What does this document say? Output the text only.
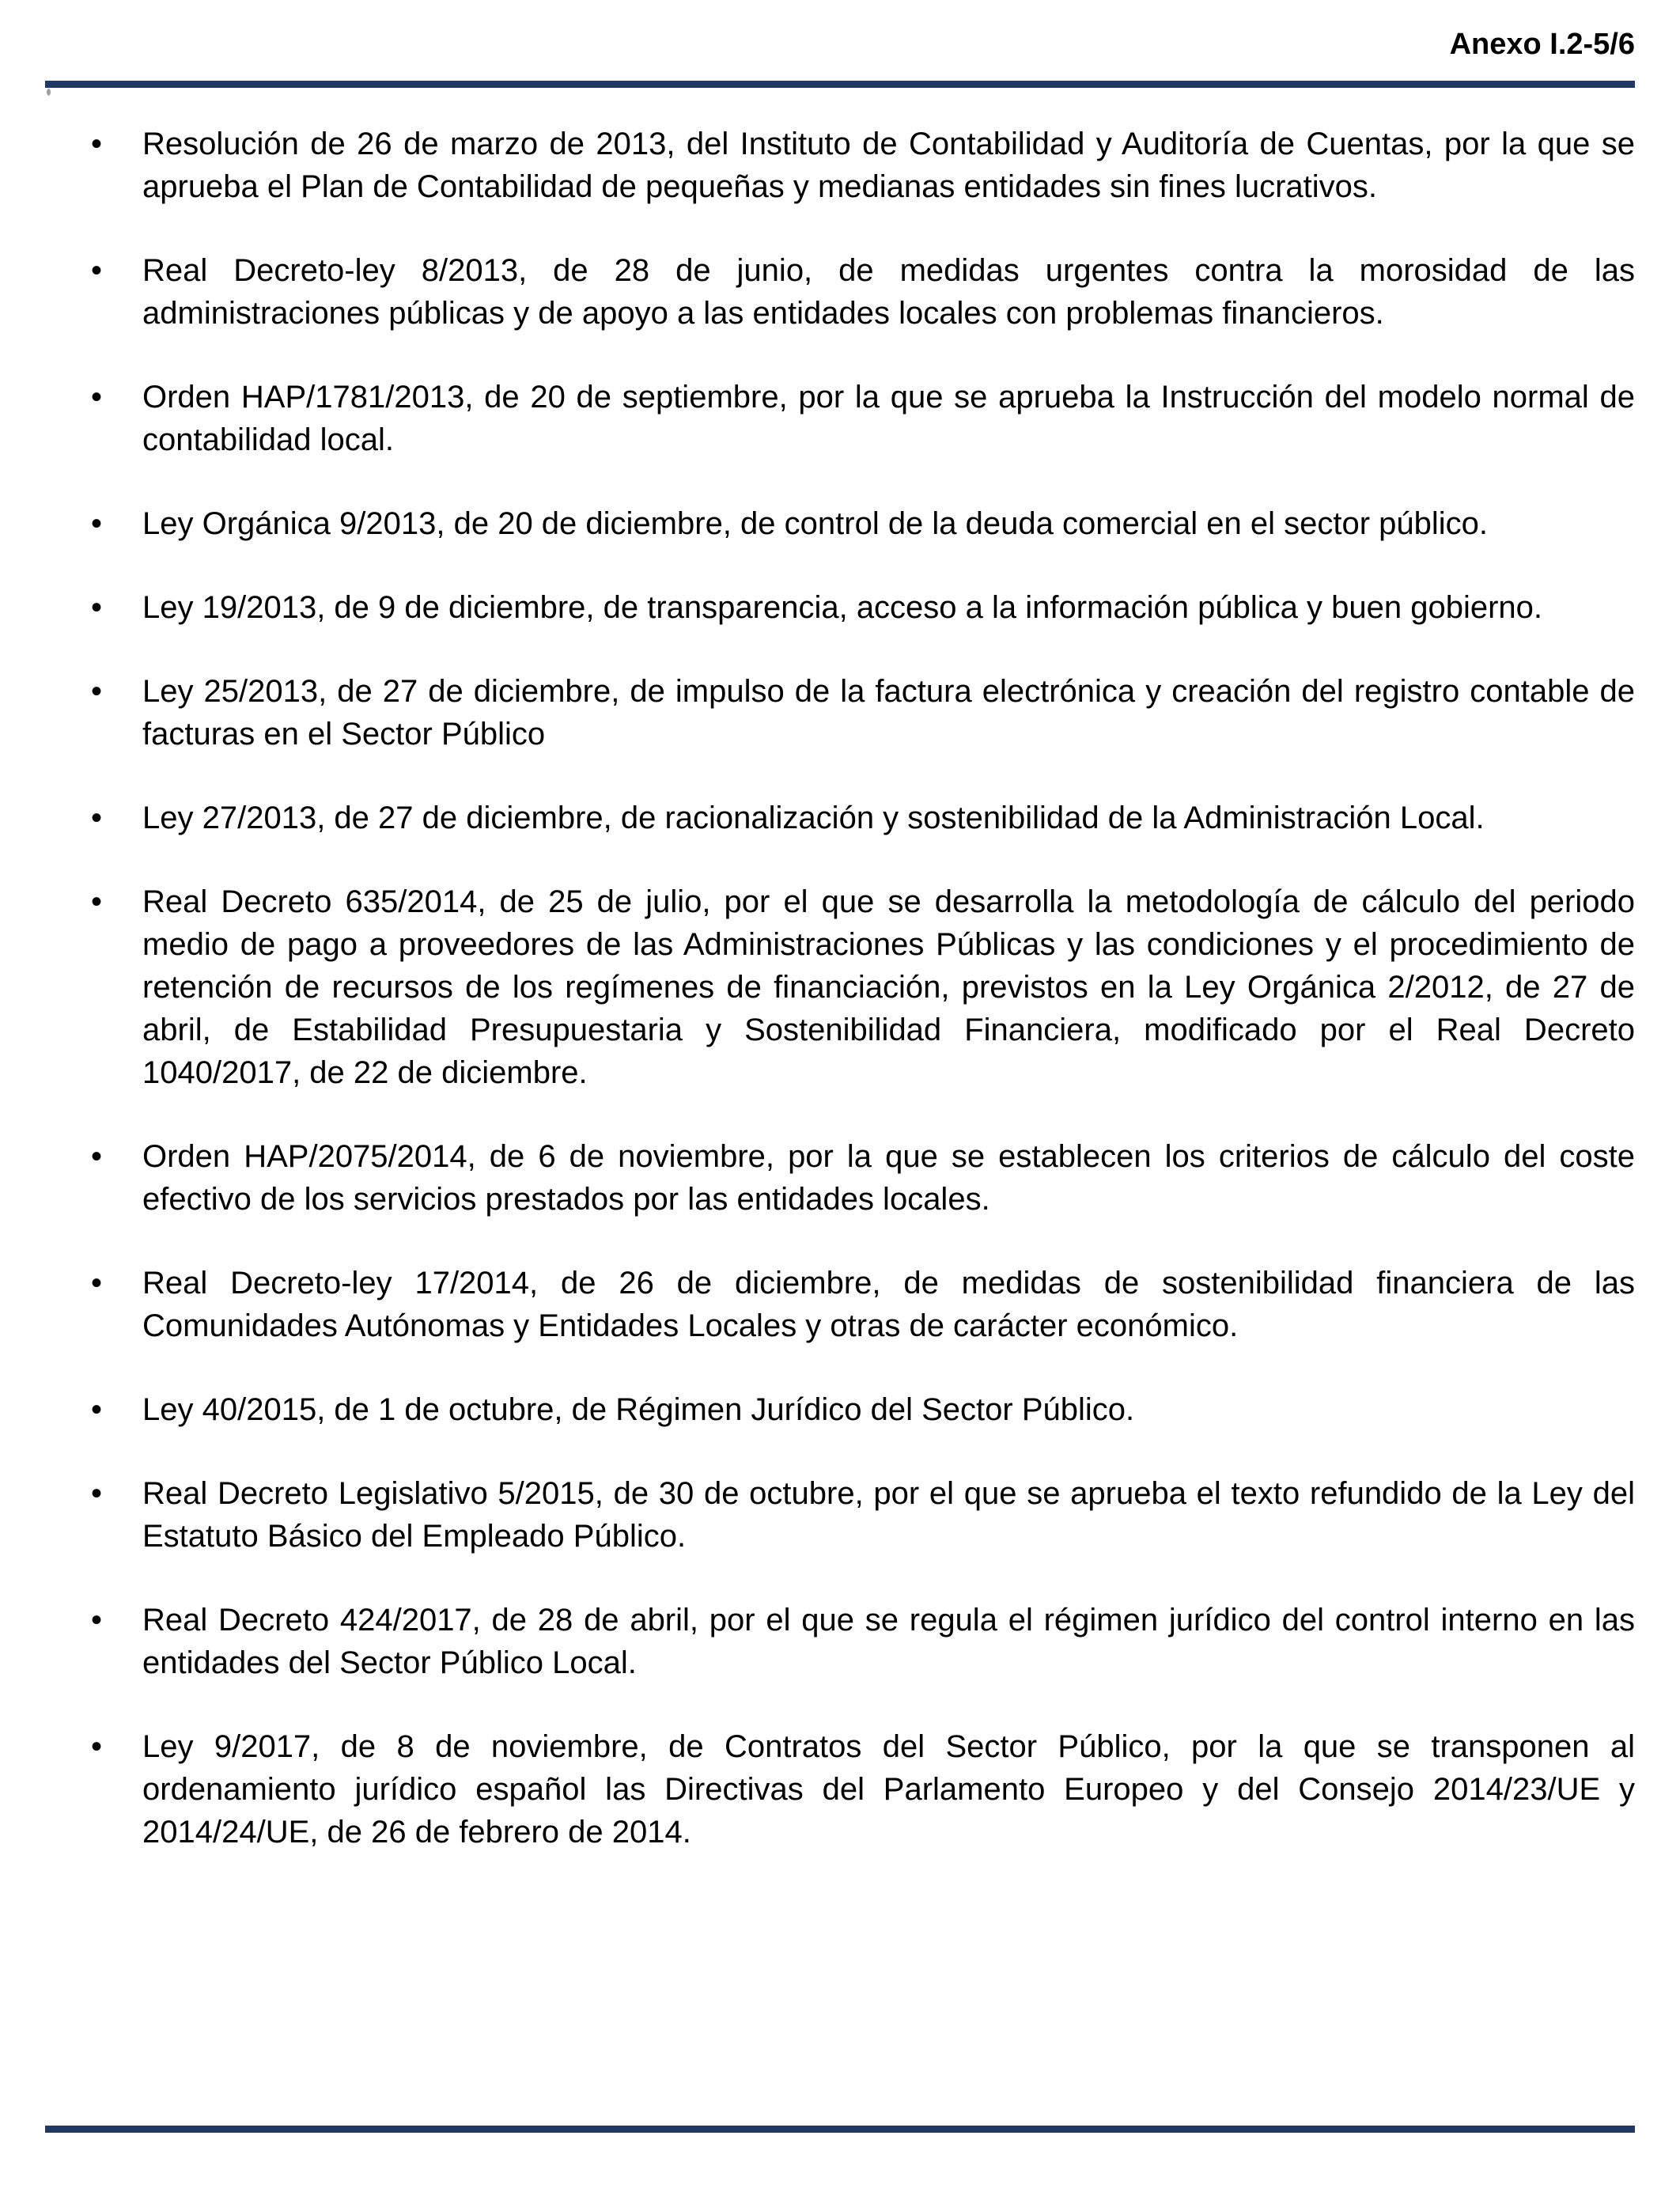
Anexo I.2-5/6
•	Resolución de 26 de marzo de 2013, del Instituto de Contabilidad y Auditoría de Cuentas, por la que se aprueba el Plan de Contabilidad de pequeñas y medianas entidades sin fines lucrativos.
•	Real Decreto-ley 8/2013, de 28 de junio, de medidas urgentes contra la morosidad de las administraciones públicas y de apoyo a las entidades locales con problemas financieros.
•	Orden HAP/1781/2013, de 20 de septiembre, por la que se aprueba la Instrucción del modelo normal de contabilidad local.
•	Ley Orgánica 9/2013, de 20 de diciembre, de control de la deuda comercial en el sector público.
•	Ley 19/2013, de 9 de diciembre, de transparencia, acceso a la información pública y buen gobierno.
•	Ley 25/2013, de 27 de diciembre, de impulso de la factura electrónica y creación del registro contable de facturas en el Sector Público
•	Ley 27/2013, de 27 de diciembre, de racionalización y sostenibilidad de la Administración Local.
•	Real Decreto 635/2014, de 25 de julio, por el que se desarrolla la metodología de cálculo del periodo medio de pago a proveedores de las Administraciones Públicas y las condiciones y el procedimiento de retención de recursos de los regímenes de financiación, previstos en la Ley Orgánica 2/2012, de 27 de abril, de Estabilidad Presupuestaria y Sostenibilidad Financiera, modificado por el Real Decreto 1040/2017, de 22 de diciembre.
•	Orden HAP/2075/2014, de 6 de noviembre, por la que se establecen los criterios de cálculo del coste efectivo de los servicios prestados por las entidades locales.
•	Real Decreto-ley 17/2014, de 26 de diciembre, de medidas de sostenibilidad financiera de las Comunidades Autónomas y Entidades Locales y otras de carácter económico.
•	Ley 40/2015, de 1 de octubre, de Régimen Jurídico del Sector Público.
•	Real Decreto Legislativo 5/2015, de 30 de octubre, por el que se aprueba el texto refundido de la Ley del Estatuto Básico del Empleado Público.
•	Real Decreto 424/2017, de 28 de abril, por el que se regula el régimen jurídico del control interno en las entidades del Sector Público Local.
•	Ley 9/2017, de 8 de noviembre, de Contratos del Sector Público, por la que se transponen al ordenamiento jurídico español las Directivas del Parlamento Europeo y del Consejo 2014/23/UE y 2014/24/UE, de 26 de febrero de 2014.
